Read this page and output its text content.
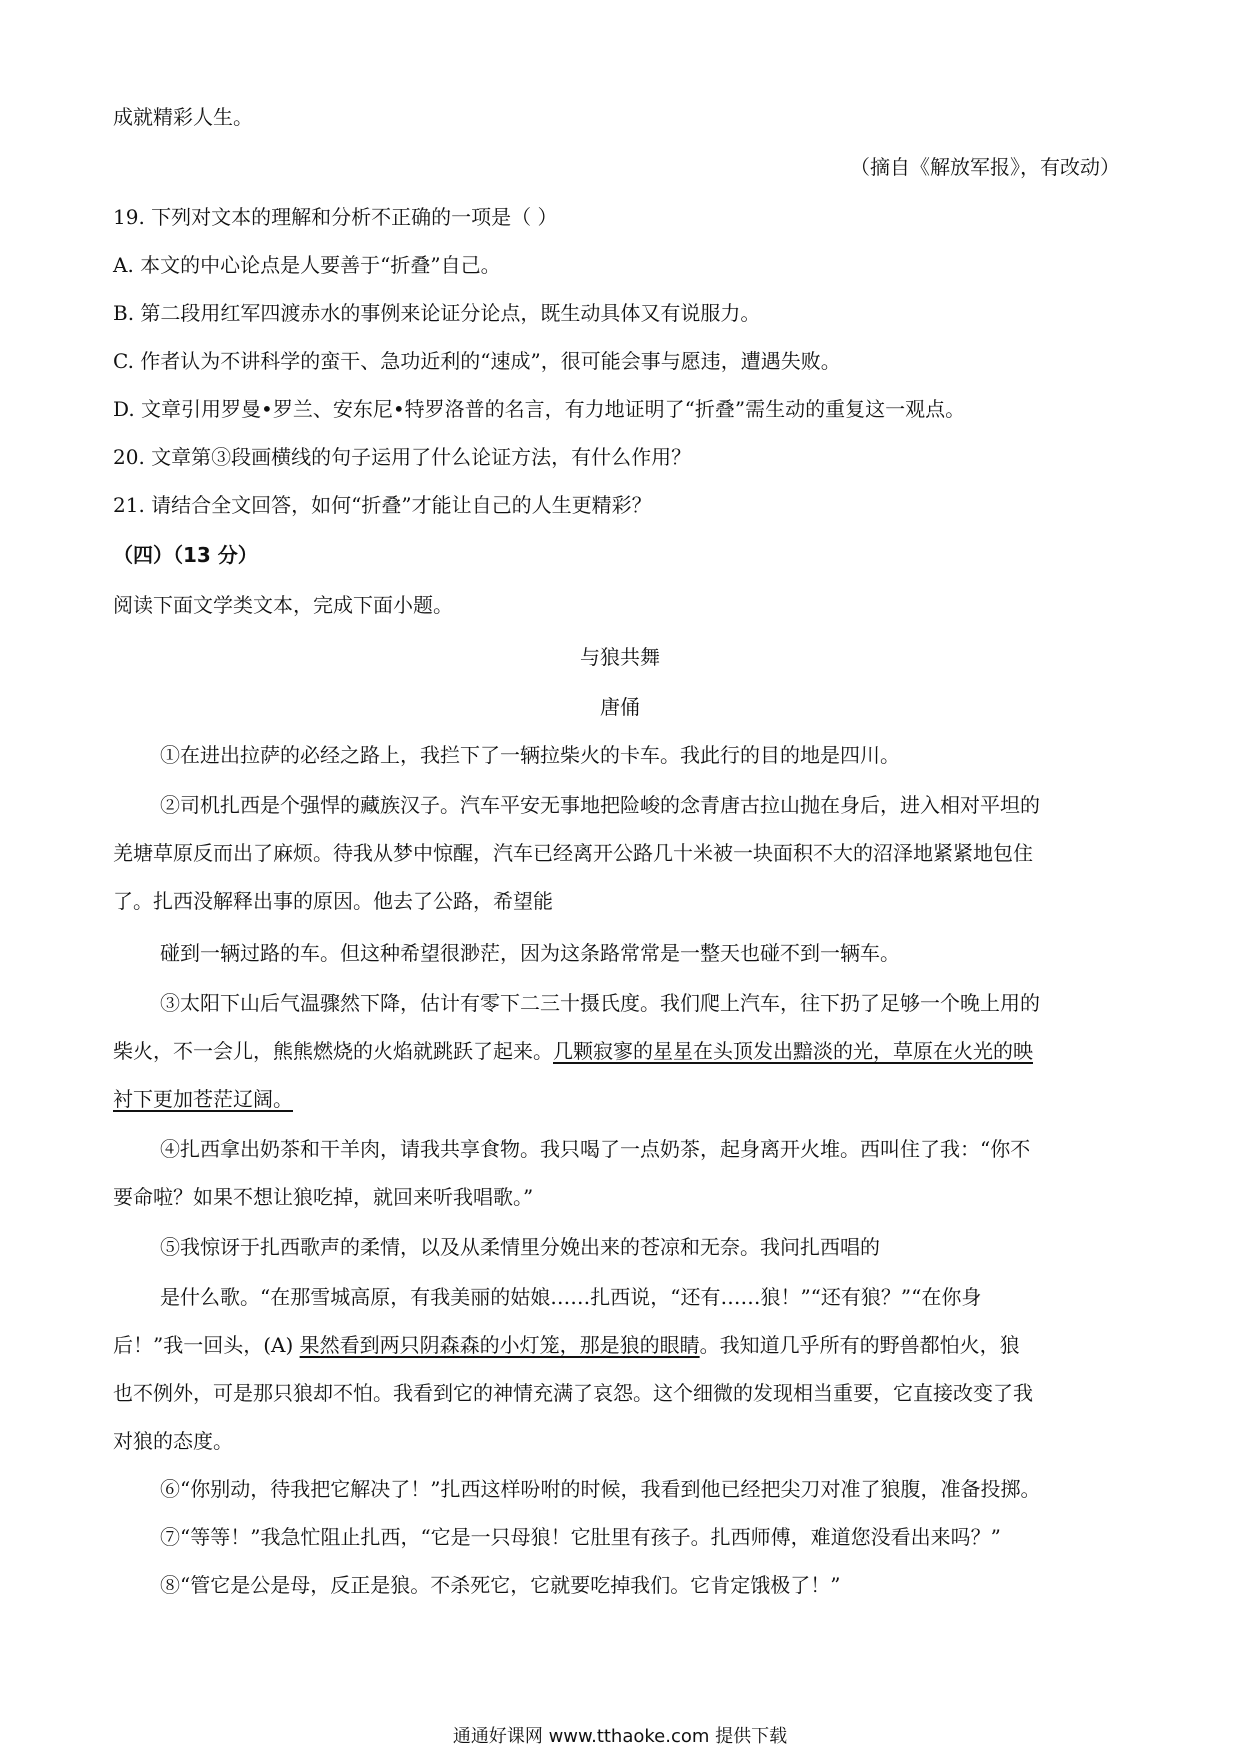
成就精彩人生。
（摘自《解放军报》，有改动）
19. 下列对文本的理解和分析不正确的一项是（ ）
A. 本文的中心论点是人要善于“折叠”自己。
B. 第二段用红军四渡赤水的事例来论证分论点，既生动具体又有说服力。
C. 作者认为不讲科学的蛮干、急功近利的“速成”，很可能会事与愿违，遭遇失败。
D. 文章引用罗曼•罗兰、安东尼•特罗洛普的名言，有力地证明了“折叠”需生动的重复这一观点。
20. 文章第③段画横线的句子运用了什么论证方法，有什么作用？
21. 请结合全文回答，如何“折叠”才能让自己的人生更精彩？
（四）（13 分）
阅读下面文学类文本，完成下面小题。
与狼共舞
唐俑
①在进出拉萨的必经之路上，我拦下了一辆拉柴火的卡车。我此行的目的地是四川。
②司机扎西是个强悍的藏族汉子。汽车平安无事地把险峻的念青唐古拉山抛在身后，进入相对平坦的
羌塘草原反而出了麻烦。待我从梦中惊醒，汽车已经离开公路几十米被一块面积不大的沼泽地紧紧地包住
了。扎西没解释出事的原因。他去了公路，希望能
碰到一辆过路的车。但这种希望很渺茫，因为这条路常常是一整天也碰不到一辆车。
③太阳下山后气温骤然下降，估计有零下二三十摄氏度。我们爬上汽车，往下扔了足够一个晚上用的
柴火，不一会儿，熊熊燃烧的火焰就跳跃了起来。几颗寂寥的星星在头顶发出黯淡的光，草原在火光的映
衬下更加苍茫辽阔。
④扎西拿出奶茶和干羊肉，请我共享食物。我只喝了一点奶茶，起身离开火堆。西叫住了我：“你不
要命啦？如果不想让狼吃掉，就回来听我唱歌。”
⑤我惊讶于扎西歌声的柔情，以及从柔情里分娩出来的苍凉和无奈。我问扎西唱的
是什么歌。“在那雪城高原，有我美丽的姑娘……扎西说，“还有……狼！”“还有狼？”“在你身
后！”我一回头，(A) 果然看到两只阴森森的小灯笼，那是狼的眼睛。我知道几乎所有的野兽都怕火，狼
也不例外，可是那只狼却不怕。我看到它的神情充满了哀怨。这个细微的发现相当重要，它直接改变了我
对狼的态度。
⑥“你别动，待我把它解决了！”扎西这样吩咐的时候，我看到他已经把尖刀对准了狼腹，准备投掷。
⑦“等等！”我急忙阻止扎西，“它是一只母狼！它肚里有孩子。扎西师傅，难道您没看出来吗？”
⑧“管它是公是母，反正是狼。不杀死它，它就要吃掉我们。它肯定饿极了！”
通通好课网 www.tthaoke.com 提供下载
